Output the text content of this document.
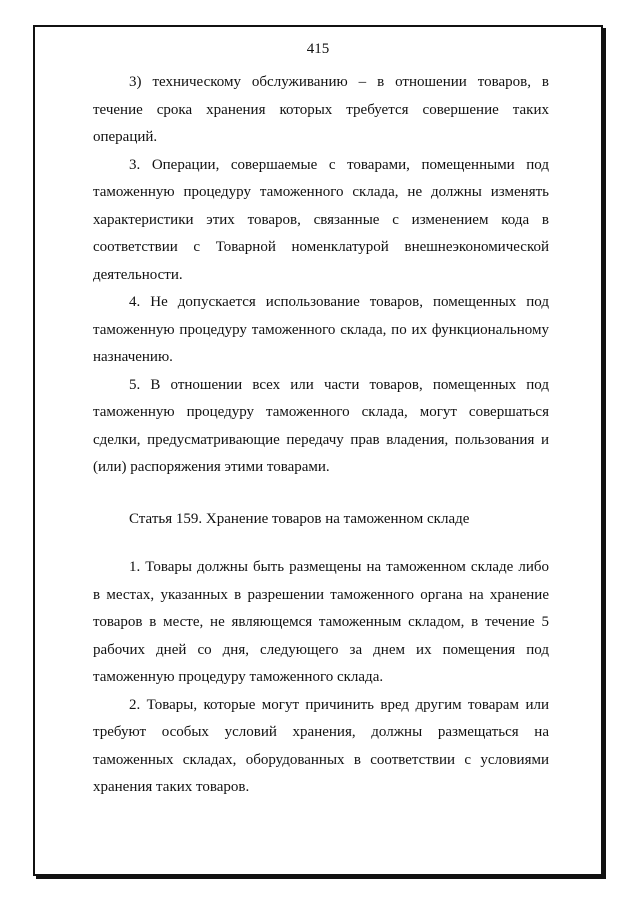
415

3) техническому обслуживанию – в отношении товаров, в течение срока хранения которых требуется совершение таких операций.

3. Операции, совершаемые с товарами, помещенными под таможенную процедуру таможенного склада, не должны изменять характеристики этих товаров, связанные с изменением кода в соответствии с Товарной номенклатурой внешнеэкономической деятельности.

4. Не допускается использование товаров, помещенных под таможенную процедуру таможенного склада, по их функциональному назначению.

5. В отношении всех или части товаров, помещенных под таможенную процедуру таможенного склада, могут совершаться сделки, предусматривающие передачу прав владения, пользования и (или) распоряжения этими товарами.

Статья 159. Хранение товаров на таможенном складе

1. Товары должны быть размещены на таможенном складе либо в местах, указанных в разрешении таможенного органа на хранение товаров в месте, не являющемся таможенным складом, в течение 5 рабочих дней со дня, следующего за днем их помещения под таможенную процедуру таможенного склада.

2. Товары, которые могут причинить вред другим товарам или требуют особых условий хранения, должны размещаться на таможенных складах, оборудованных в соответствии с условиями хранения таких товаров.
